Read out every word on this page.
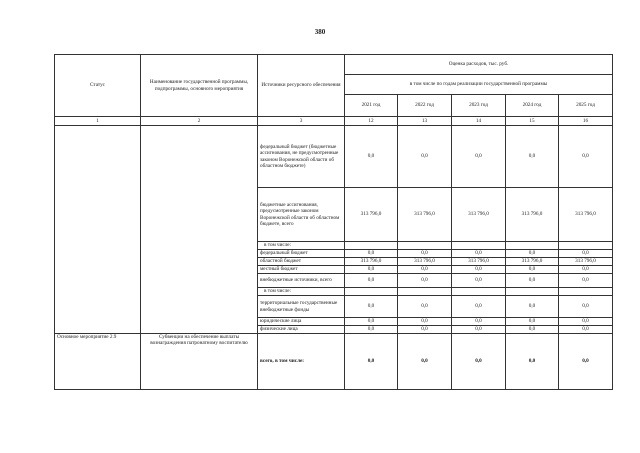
380
Статус	Наименование государственной программы, подпрограммы, основного мероприятия	Источники ресурсного обеспечения	Оценка расходов, тыс. руб.				
			в том числе по годам реализации государственной программы				
			2021 год	2022 год	2023 год	2024 год	2025 год
1	2	3	12	13	14	15	16
		федеральный бюджет (бюджетные ассигнования, не предусмотренные законом Воронежской области об областном бюджете)	0,0	0,0	0,0	0,0	0,0
		бюджетные ассигнования, предусмотренные законом Воронежской области об областном бюджете, всего	313 796,0	313 796,0	313 796,0	313 796,0	313 796,0
		в том числе:					
		федеральный бюджет	0,0	0,0	0,0	0,0	0,0
		областной бюджет	313 796,0	313 796,0	313 796,0	313 796,0	313 796,0
		местный бюджет	0,0	0,0	0,0	0,0	0,0
		внебюджетные источники, всего	0,0	0,0	0,0	0,0	0,0
		в том числе:					
		территориальные государственные внебюджетные фонды	0,0	0,0	0,0	0,0	0,0
		юридические лица	0,0	0,0	0,0	0,0	0,0
		физические лица	0,0	0,0	0,0	0,0	0,0
Основное мероприятие 2.9	Субвенции на обеспечение выплаты вознаграждения патронатному воспитателю	всего, в том числе:	0,0	0,0	0,0	0,0	0,0
